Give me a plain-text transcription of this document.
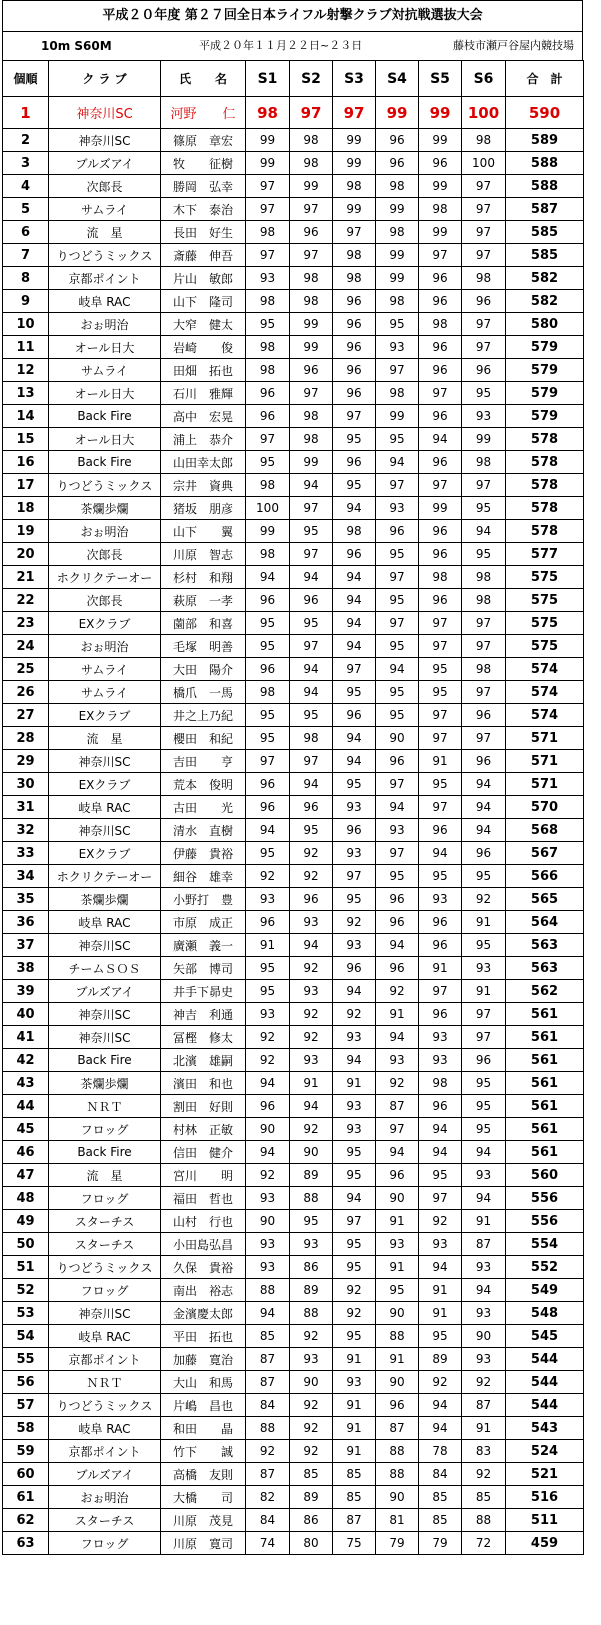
平成２０年度 第２７回全日本ライフル射撃クラブ対抗戦選抜大会
10m S60M	平成２０年１１月２２日~２３日	藤枝市瀬戸谷屋内競技場
個順	ク ラ ブ	氏　　名	S1	S2	S3	S4	S5	S6	合　計
1	神奈川SC	河野　　仁	98	97	97	99	99	100	590
2	神奈川SC	篠原　章宏	99	98	99	96	99	98	589
3	ブルズアイ	牧　　征樹	99	98	99	96	96	100	588
4	次郎長	勝岡　弘幸	97	99	98	98	99	97	588
5	サムライ	木下　泰治	97	97	99	99	98	97	587
6	流　星	長田　好生	98	96	97	98	99	97	585
7	りつどうミックス	斎藤　伸吾	97	97	98	99	97	97	585
8	京都ポイント	片山　敏郎	93	98	98	99	96	98	582
9	岐阜 RAC	山下　隆司	98	98	96	98	96	96	582
10	おぉ明治	大窄　健太	95	99	96	95	98	97	580
11	オール日大	岩崎　　俊	98	99	96	93	96	97	579
12	サムライ	田畑　拓也	98	96	96	97	96	96	579
13	オール日大	石川　雅輝	96	97	96	98	97	95	579
14	Back Fire	高中　宏晃	96	98	97	99	96	93	579
15	オール日大	浦上　恭介	97	98	95	95	94	99	578
16	Back Fire	山田幸太郎	95	99	96	94	96	98	578
17	りつどうミックス	宗井　資典	98	94	95	97	97	97	578
18	茶爛歩爛	猪坂　朋彦	100	97	94	93	99	95	578
19	おぉ明治	山下　　翼	99	95	98	96	96	94	578
20	次郎長	川原　智志	98	97	96	95	96	95	577
21	ホクリクテーオー	杉村　和翔	94	94	94	97	98	98	575
22	次郎長	萩原　一孝	96	96	94	95	96	98	575
23	EXクラブ	薗部　和喜	95	95	94	97	97	97	575
24	おぉ明治	毛塚　明善	95	97	94	95	97	97	575
25	サムライ	大田　陽介	96	94	97	94	95	98	574
26	サムライ	橋爪　一馬	98	94	95	95	95	97	574
27	EXクラブ	井之上乃紀	95	95	96	95	97	96	574
28	流　星	櫻田　和紀	95	98	94	90	97	97	571
29	神奈川SC	吉田　　亨	97	97	94	96	91	96	571
30	EXクラブ	荒本　俊明	96	94	95	97	95	94	571
31	岐阜 RAC	古田　　光	96	96	93	94	97	94	570
32	神奈川SC	清水　直樹	94	95	96	93	96	94	568
33	EXクラブ	伊藤　貴裕	95	92	93	97	94	96	567
34	ホクリクテーオー	細谷　雄幸	92	92	97	95	95	95	566
35	茶爛歩爛	小野打　豊	93	96	95	96	93	92	565
36	岐阜 RAC	市原　成正	96	93	92	96	96	91	564
37	神奈川SC	廣瀬　義一	91	94	93	94	96	95	563
38	チームＳＯＳ	矢部　博司	95	92	96	96	91	93	563
39	ブルズアイ	井手下昴史	95	93	94	92	97	91	562
40	神奈川SC	神吉　利通	93	92	92	91	96	97	561
41	神奈川SC	冨樫　修太	92	92	93	94	93	97	561
42	Back Fire	北濱　雄嗣	92	93	94	93	93	96	561
43	茶爛歩爛	濱田　和也	94	91	91	92	98	95	561
44	ＮＲＴ	割田　好則	96	94	93	87	96	95	561
45	フロッグ	村林　正敏	90	92	93	97	94	95	561
46	Back Fire	信田　健介	94	90	95	94	94	94	561
47	流　星	宮川　　明	92	89	95	96	95	93	560
48	フロッグ	福田　哲也	93	88	94	90	97	94	556
49	スターチス	山村　行也	90	95	97	91	92	91	556
50	スターチス	小田島弘昌	93	93	95	93	93	87	554
51	りつどうミックス	久保　貴裕	93	86	95	91	94	93	552
52	フロッグ	南出　裕志	88	89	92	95	91	94	549
53	神奈川SC	金濱慶太郎	94	88	92	90	91	93	548
54	岐阜 RAC	平田　拓也	85	92	95	88	95	90	545
55	京都ポイント	加藤　寛治	87	93	91	91	89	93	544
56	ＮＲＴ	大山　和馬	87	90	93	90	92	92	544
57	りつどうミックス	片嶋　昌也	84	92	91	96	94	87	544
58	岐阜 RAC	和田　　晶	88	92	91	87	94	91	543
59	京都ポイント	竹下　　誠	92	92	91	88	78	83	524
60	ブルズアイ	高橋　友則	87	85	85	88	84	92	521
61	おぉ明治	大橋　　司	82	89	85	90	85	85	516
62	スターチス	川原　茂見	84	86	87	81	85	88	511
63	フロッグ	川原　寛司	74	80	75	79	79	72	459
